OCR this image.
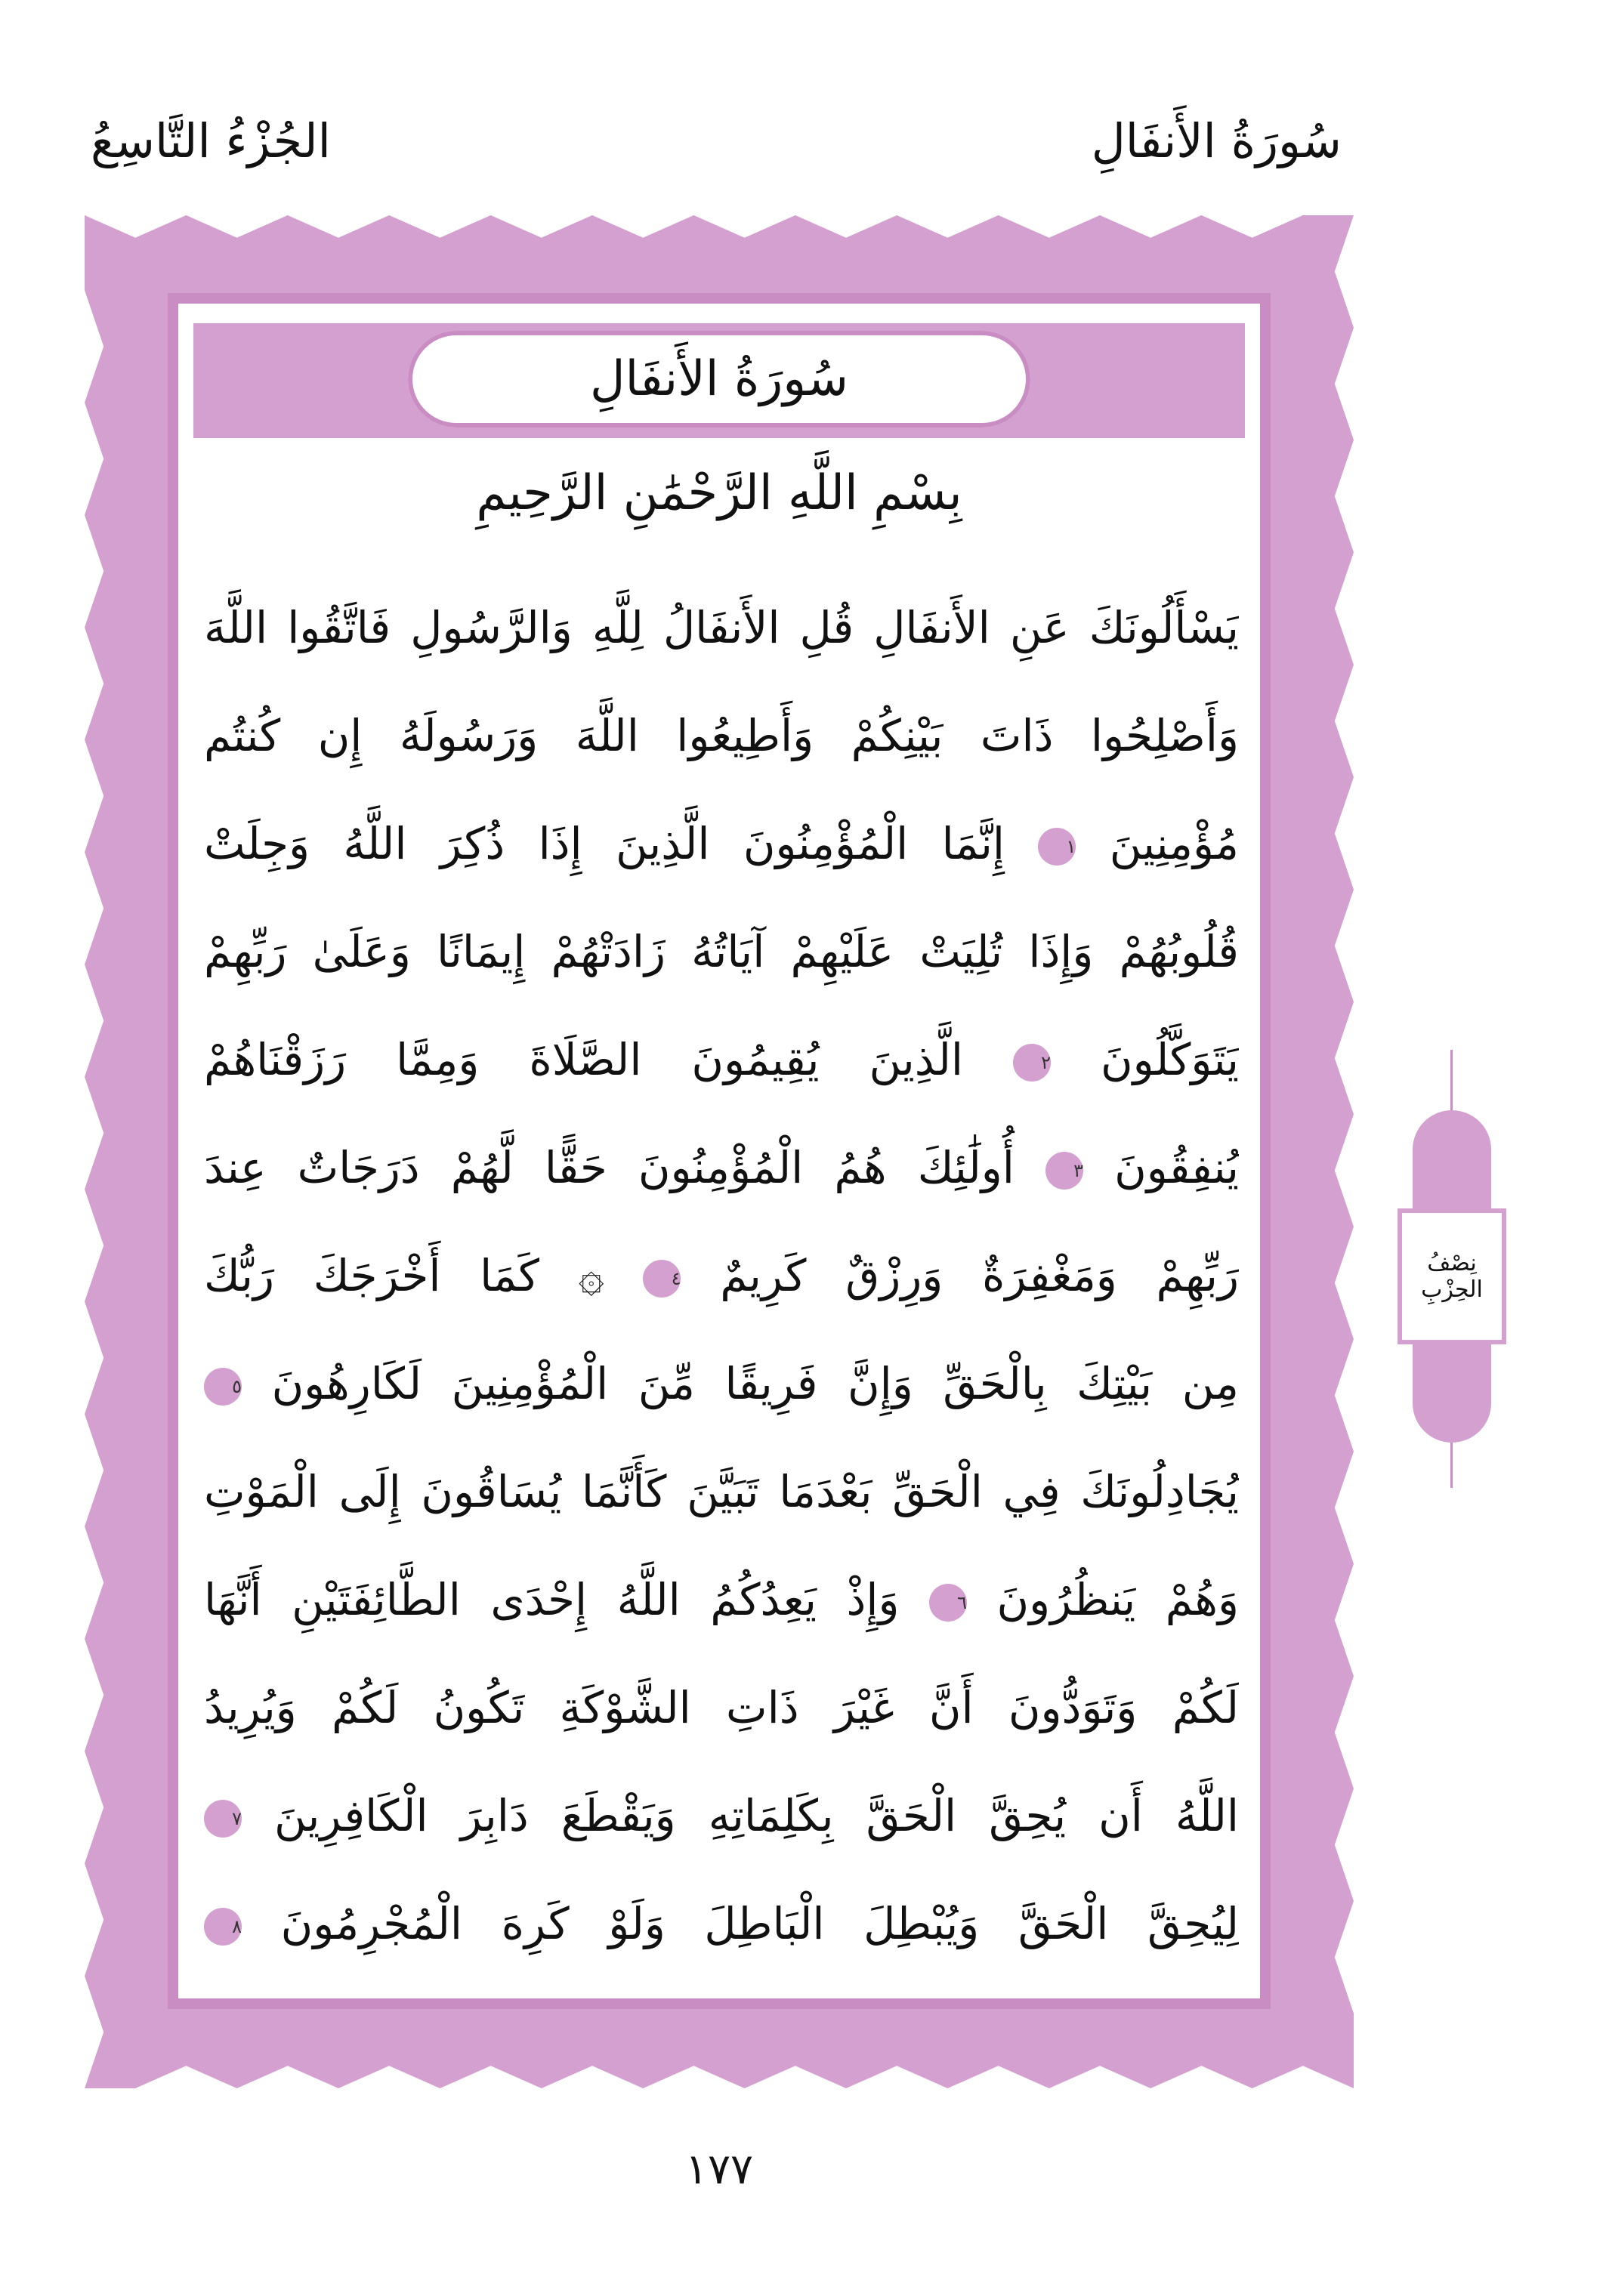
سُورَةُ الأَنفَالِ
الجُزْءُ التَّاسِعُ
سُورَةُ الأَنفَالِ
بِسْمِ اللَّهِ الرَّحْمَٰنِ الرَّحِيمِ
يَسْأَلُونَكَ عَنِ الأَنفَالِ قُلِ الأَنفَالُ لِلَّهِ وَالرَّسُولِ فَاتَّقُوا اللَّهَ
وَأَصْلِحُوا ذَاتَ بَيْنِكُمْ وَأَطِيعُوا اللَّهَ وَرَسُولَهُ إِن كُنتُم
مُؤْمِنِينَ ١ إِنَّمَا الْمُؤْمِنُونَ الَّذِينَ إِذَا ذُكِرَ اللَّهُ وَجِلَتْ
قُلُوبُهُمْ وَإِذَا تُلِيَتْ عَلَيْهِمْ آيَاتُهُ زَادَتْهُمْ إِيمَانًا وَعَلَىٰ رَبِّهِمْ
يَتَوَكَّلُونَ ٢ الَّذِينَ يُقِيمُونَ الصَّلَاةَ وَمِمَّا رَزَقْنَاهُمْ
يُنفِقُونَ ٣ أُولَٰئِكَ هُمُ الْمُؤْمِنُونَ حَقًّا لَّهُمْ دَرَجَاتٌ عِندَ
رَبِّهِمْ وَمَغْفِرَةٌ وَرِزْقٌ كَرِيمٌ ٤ ۞ كَمَا أَخْرَجَكَ رَبُّكَ
مِن بَيْتِكَ بِالْحَقِّ وَإِنَّ فَرِيقًا مِّنَ الْمُؤْمِنِينَ لَكَارِهُونَ ٥
يُجَادِلُونَكَ فِي الْحَقِّ بَعْدَمَا تَبَيَّنَ كَأَنَّمَا يُسَاقُونَ إِلَى الْمَوْتِ
وَهُمْ يَنظُرُونَ ٦ وَإِذْ يَعِدُكُمُ اللَّهُ إِحْدَى الطَّائِفَتَيْنِ أَنَّهَا
لَكُمْ وَتَوَدُّونَ أَنَّ غَيْرَ ذَاتِ الشَّوْكَةِ تَكُونُ لَكُمْ وَيُرِيدُ
اللَّهُ أَن يُحِقَّ الْحَقَّ بِكَلِمَاتِهِ وَيَقْطَعَ دَابِرَ الْكَافِرِينَ ٧
لِيُحِقَّ الْحَقَّ وَيُبْطِلَ الْبَاطِلَ وَلَوْ كَرِهَ الْمُجْرِمُونَ ٨
نِصْفُ
الحِزْبِ
١٧٧
